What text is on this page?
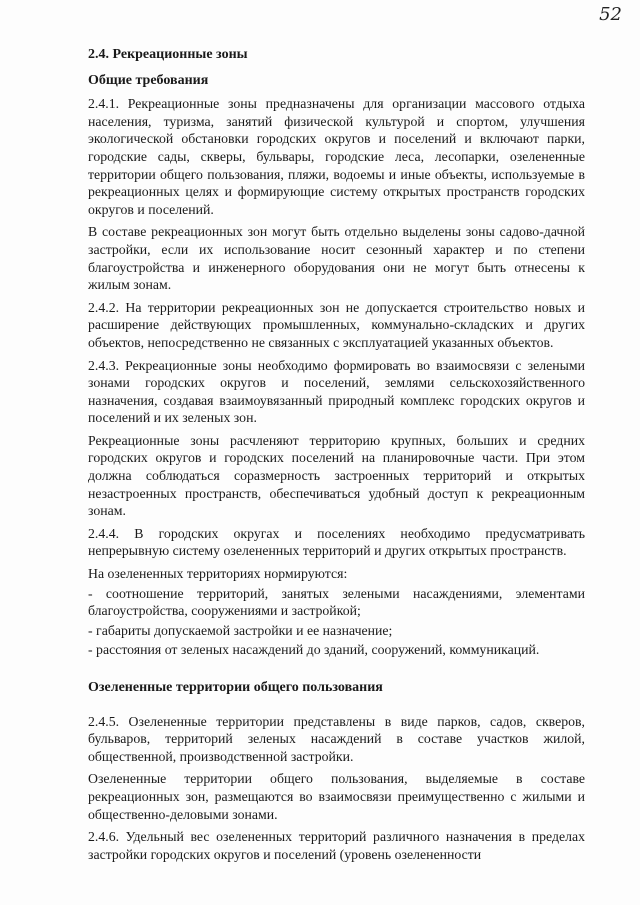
52
2.4. Рекреационные зоны
Общие требования

2.4.1. Рекреационные зоны предназначены для организации массового отдыха населения, туризма, занятий физической культурой и спортом, улучшения экологической обстановки городских округов и поселений и включают парки, городские сады, скверы, бульвары, городские леса, лесопарки, озелененные территории общего пользования, пляжи, водоемы и иные объекты, используемые в рекреационных целях и формирующие систему открытых пространств городских округов и поселений.

В составе рекреационных зон могут быть отдельно выделены зоны садово-дачной застройки, если их использование носит сезонный характер и по степени благоустройства и инженерного оборудования они не могут быть отнесены к жилым зонам.

2.4.2. На территории рекреационных зон не допускается строительство новых и расширение действующих промышленных, коммунально-складских и других объектов, непосредственно не связанных с эксплуатацией указанных объектов.

2.4.3. Рекреационные зоны необходимо формировать во взаимосвязи с зелеными зонами городских округов и поселений, землями сельскохозяйственного назначения, создавая взаимоувязанный природный комплекс городских округов и поселений и их зеленых зон.

Рекреационные зоны расчленяют территорию крупных, больших и средних городских округов и городских поселений на планировочные части. При этом должна соблюдаться соразмерность застроенных территорий и открытых незастроенных пространств, обеспечиваться удобный доступ к рекреационным зонам.

2.4.4. В городских округах и поселениях необходимо предусматривать непрерывную систему озелененных территорий и других открытых пространств.

На озелененных территориях нормируются:
- соотношение территорий, занятых зелеными насаждениями, элементами благоустройства, сооружениями и застройкой;
- габариты допускаемой застройки и ее назначение;
- расстояния от зеленых насаждений до зданий, сооружений, коммуникаций.
Озелененные территории общего пользования

2.4.5. Озелененные территории представлены в виде парков, садов, скверов, бульваров, территорий зеленых насаждений в составе участков жилой, общественной, производственной застройки.

Озелененные территории общего пользования, выделяемые в составе рекреационных зон, размещаются во взаимосвязи преимущественно с жилыми и общественно-деловыми зонами.

2.4.6. Удельный вес озелененных территорий различного назначения в пределах застройки городских округов и поселений (уровень озелененности
